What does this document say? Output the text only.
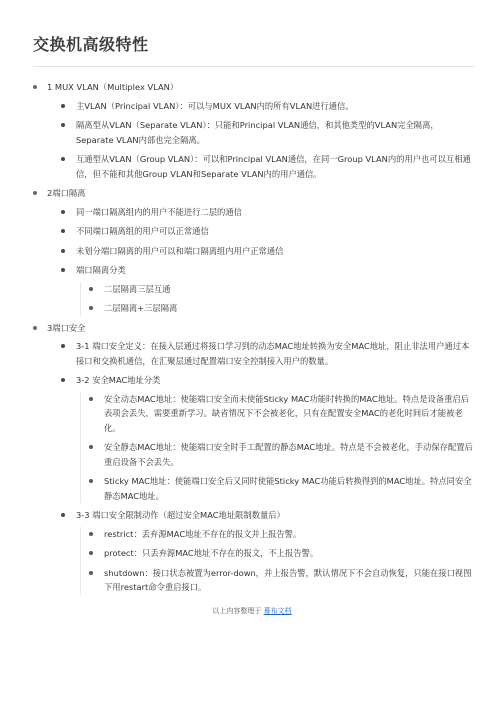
交换机高级特性
1 MUX VLAN（Multiplex VLAN）
主VLAN（Principal VLAN）：可以与MUX VLAN内的所有VLAN进行通信。
隔离型从VLAN（Separate VLAN）：只能和Principal VLAN通信，和其他类型的VLAN完全隔离，Separate VLAN内部也完全隔离。
互通型从VLAN（Group VLAN）：可以和Principal VLAN通信，在同一Group VLAN内的用户也可以互相通信，但不能和其他Group VLAN和Separate VLAN内的用户通信。
2端口隔离
同一端口隔离组内的用户不能进行二层的通信
不同端口隔离组的用户可以正常通信
未划分端口隔离的用户可以和端口隔离组内用户正常通信
端口隔离分类
二层隔离三层互通
二层隔离+三层隔离
3端口安全
3-1 端口安全定义：在接入层通过将接口学习到的动态MAC地址转换为安全MAC地址，阻止非法用户通过本接口和交换机通信，在汇聚层通过配置端口安全控制接入用户的数量。
3-2 安全MAC地址分类
安全动态MAC地址：使能端口安全而未使能Sticky MAC功能时转换的MAC地址。特点是设备重启后表项会丢失，需要重新学习。缺省情况下不会被老化，只有在配置安全MAC的老化时间后才能被老化。
安全静态MAC地址：使能端口安全时手工配置的静态MAC地址。特点是不会被老化，手动保存配置后重启设备不会丢失。
Sticky MAC地址：使能端口安全后又同时使能Sticky MAC功能后转换得到的MAC地址。特点同安全静态MAC地址。
3-3 端口安全限制动作（超过安全MAC地址限制数量后）
restrict：丢弃源MAC地址不存在的报文并上报告警。
protect：只丢弃源MAC地址不存在的报文，不上报告警。
shutdown：接口状态被置为error-down，并上报告警，默认情况下不会自动恢复，只能在接口视图下用restart命令重启接口。
以上内容整理于 幕布文档
